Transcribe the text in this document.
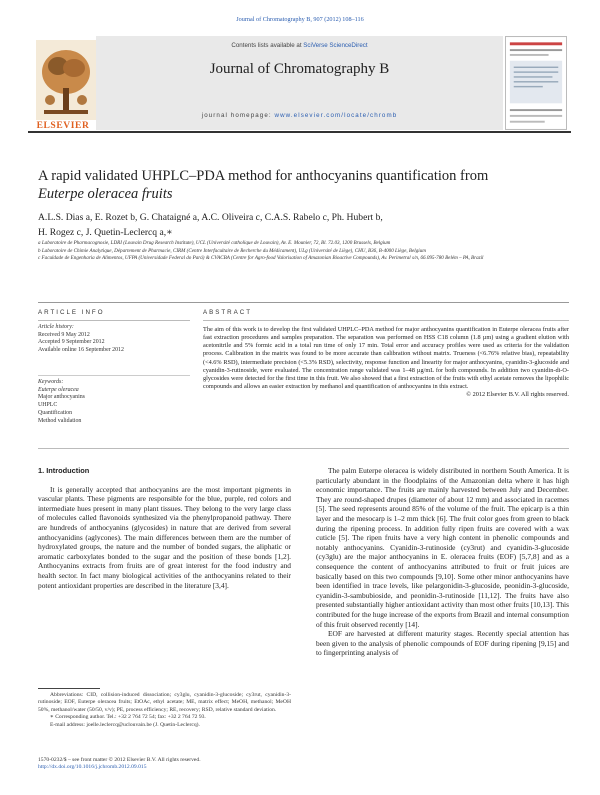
Journal of Chromatography B, 907 (2012) 108–116
Contents lists available at SciVerse ScienceDirect
Journal of Chromatography B
journal homepage: www.elsevier.com/locate/chromb
ELSEVIER
A rapid validated UHPLC–PDA method for anthocyanins quantification from
Euterpe oleracea fruits
A.L.S. Dias a, E. Rozet b, G. Chataigné a, A.C. Oliveira c, C.A.S. Rabelo c, Ph. Hubert b,
H. Rogez c, J. Quetin-Leclercq a,∗
a Laboratoire de Pharmacognosie, LDRI (Louvain Drug Research Institute), UCL (Université catholique de Louvain), Av. E. Mounier, 72, Bl. 72.03, 1200 Brussels, Belgium
b Laboratoire de Chimie Analytique, Département de Pharmacie, CIRM (Centre Interfacultaire de Recherche du Médicament), ULg (Université de Liège), CHU, B36, B-4000 Liège, Belgium
c Faculdade de Engenharia de Alimentos, UFPA (Universidade Federal do Pará) & CVACBA (Centre for Agro-food Valorisation of Amazonian Bioactive Compounds), Av. Perimetral s/n, 66.095-780 Belém – PA, Brazil
ARTICLE INFO	ABSTRACT
Article history:
Received 9 May 2012
Accepted 9 September 2012
Available online 16 September 2012
Keywords:
Euterpe oleracea
Major anthocyanins
UHPLC
Quantification
Method validation
The aim of this work is to develop the first validated UHPLC–PDA method for major anthocyanins quantification in Euterpe oleracea fruits after fast extraction procedures and samples preparation. The separation was performed on HSS C18 column (1.8 µm) using a gradient elution with acetonitrile and 5% formic acid in a total run time of only 17 min. Total error and accuracy profiles were used as criteria for the validation process. Calibration in the matrix was found to be more accurate than calibration without matrix. Trueness (<6.76% relative bias), repeatability (<4.6% RSD), intermediate precision (<5.3% RSD), selectivity, response function and linearity for major anthocyanins, cyanidin-3-glucoside and cyanidin-3-rutinoside, were evaluated. The concentration range validated was 1–48 µg/mL for both compounds. In addition two cyanidin-di-O-glycosides were detected for the first time in this fruit. We also showed that a first extraction of the fruits with ethyl acetate removes the lipophilic compounds and allows an easier extraction by methanol and quantification of anthocyanins in this extract.
© 2012 Elsevier B.V. All rights reserved.
1. Introduction
It is generally accepted that anthocyanins are the most important pigments in vascular plants. These pigments are responsible for the blue, purple, red colors and intermediate hues present in many plant tissues. They belong to the very large class of molecules called flavonoids synthesized via the phenylpropanoid pathway. There are hundreds of anthocyanins (glycosides) in nature that are derived from several anthocyanidins (aglycones). The main differences between them are the number of hydroxylated groups, the nature and the number of bonded sugars, the aliphatic or aromatic carboxylates bonded to the sugar and the position of these bonds [1,2]. Anthocyanins extracts from fruits are of great interest for the food industry and health sector. In fact many biological activities of the anthocyanins related to their potent antioxidant properties are described in the literature [3,4].
The palm Euterpe oleracea is widely distributed in northern South America. It is particularly abundant in the floodplains of the Amazonian delta where it has high economic importance. The fruits are mainly harvested between July and December. They are round-shaped drupes (diameter of about 12 mm) and associated in racemes [5]. The seed represents around 85% of the volume of the fruit. The epicarp is a thin layer and the mesocarp is 1–2 mm thick [6]. The fruit color goes from green to black during the ripening process. In addition fully ripen fruits are covered with a wax cuticle [5]. The ripen fruits have a very high content in phenolic compounds and notably anthocyanins. Cyanidin-3-rutinoside (cy3rut) and cyanidin-3-glucoside (cy3glu) are the major anthocyanins in E. oleracea fruits (EOF) [5,7,8] and as a consequence the content of anthocyanins attributed to fruit or fruit juices are basically based on this two compounds [9,10]. Some other minor anthocyanins have been identified in trace levels, like pelargonidin-3-glucoside, peonidin-3-glucoside, cyanidin-3-sambubioside, and peonidin-3-rutinoside [11,12]. The fruits have also presented substantially higher antioxidant activity than most other fruits [10,13]. This contributed for the huge increase of the exports from Brazil and internal consumption of this fruit observed recently [14].
EOF are harvested at different maturity stages. Recently special attention has been given to the analysis of phenolic compounds of EOF during ripening [9,15] and to fingerprinting analysis of
Abbreviations: CID, collision-induced dissociation; cy3glu, cyanidin-3-glucoside; cy3rut, cyanidin-3-rutinoside; EOF, Euterpe oleracea fruits; EtOAc, ethyl acetate; ME, matrix effect; MeOH, methanol; MeOH 50%, methanol/water (50/50, v/v); PE, process efficiency; RE, recovery; RSD, relative standard deviation.
∗ Corresponding author. Tel.: +32 2 764 72 54; fax: +32 2 764 72 93.
E-mail address: joelle.leclercq@uclouvain.be (J. Quetin-Leclercq).
1570-0232/$ – see front matter © 2012 Elsevier B.V. All rights reserved.
http://dx.doi.org/10.1016/j.jchromb.2012.09.015
